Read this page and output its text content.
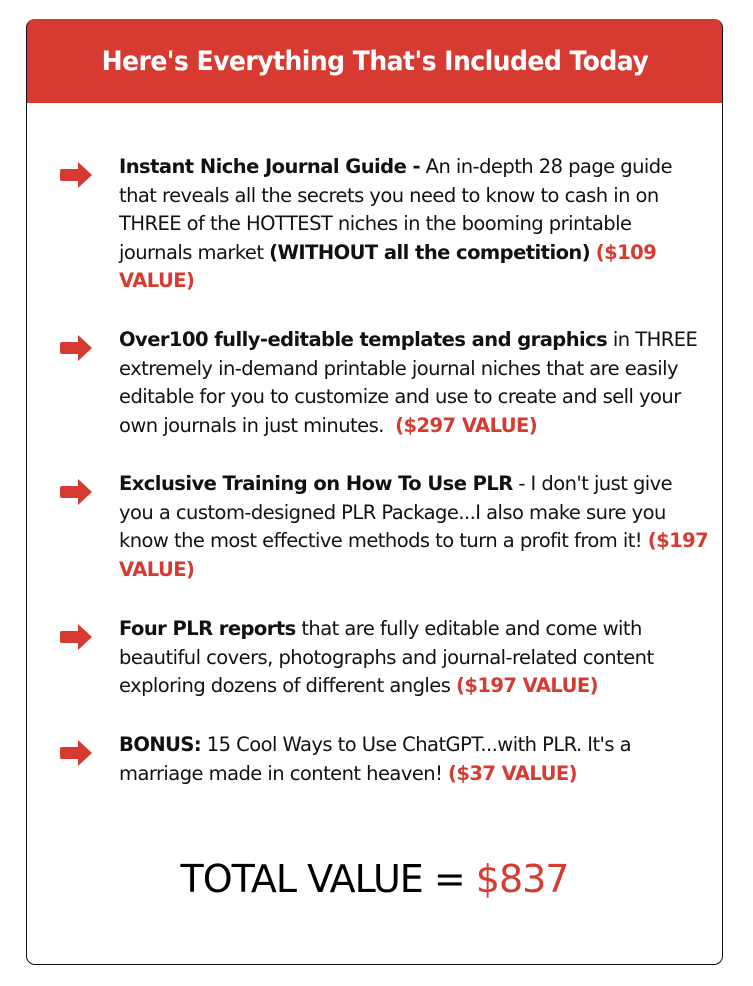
Here's Everything That's Included Today
Instant Niche Journal Guide - An in-depth 28 page guide that reveals all the secrets you need to know to cash in on THREE of the HOTTEST niches in the booming printable journals market (WITHOUT all the competition) ($109 VALUE)
Over100 fully-editable templates and graphics in THREE extremely in-demand printable journal niches that are easily editable for you to customize and use to create and sell your own journals in just minutes.  ($297 VALUE)
Exclusive Training on How To Use PLR - I don't just give you a custom-designed PLR Package...I also make sure you know the most effective methods to turn a profit from it! ($197 VALUE)
Four PLR reports that are fully editable and come with beautiful covers, photographs and journal-related content exploring dozens of different angles ($197 VALUE)
BONUS: 15 Cool Ways to Use ChatGPT...with PLR. It's a marriage made in content heaven! ($37 VALUE)
TOTAL VALUE = $837
